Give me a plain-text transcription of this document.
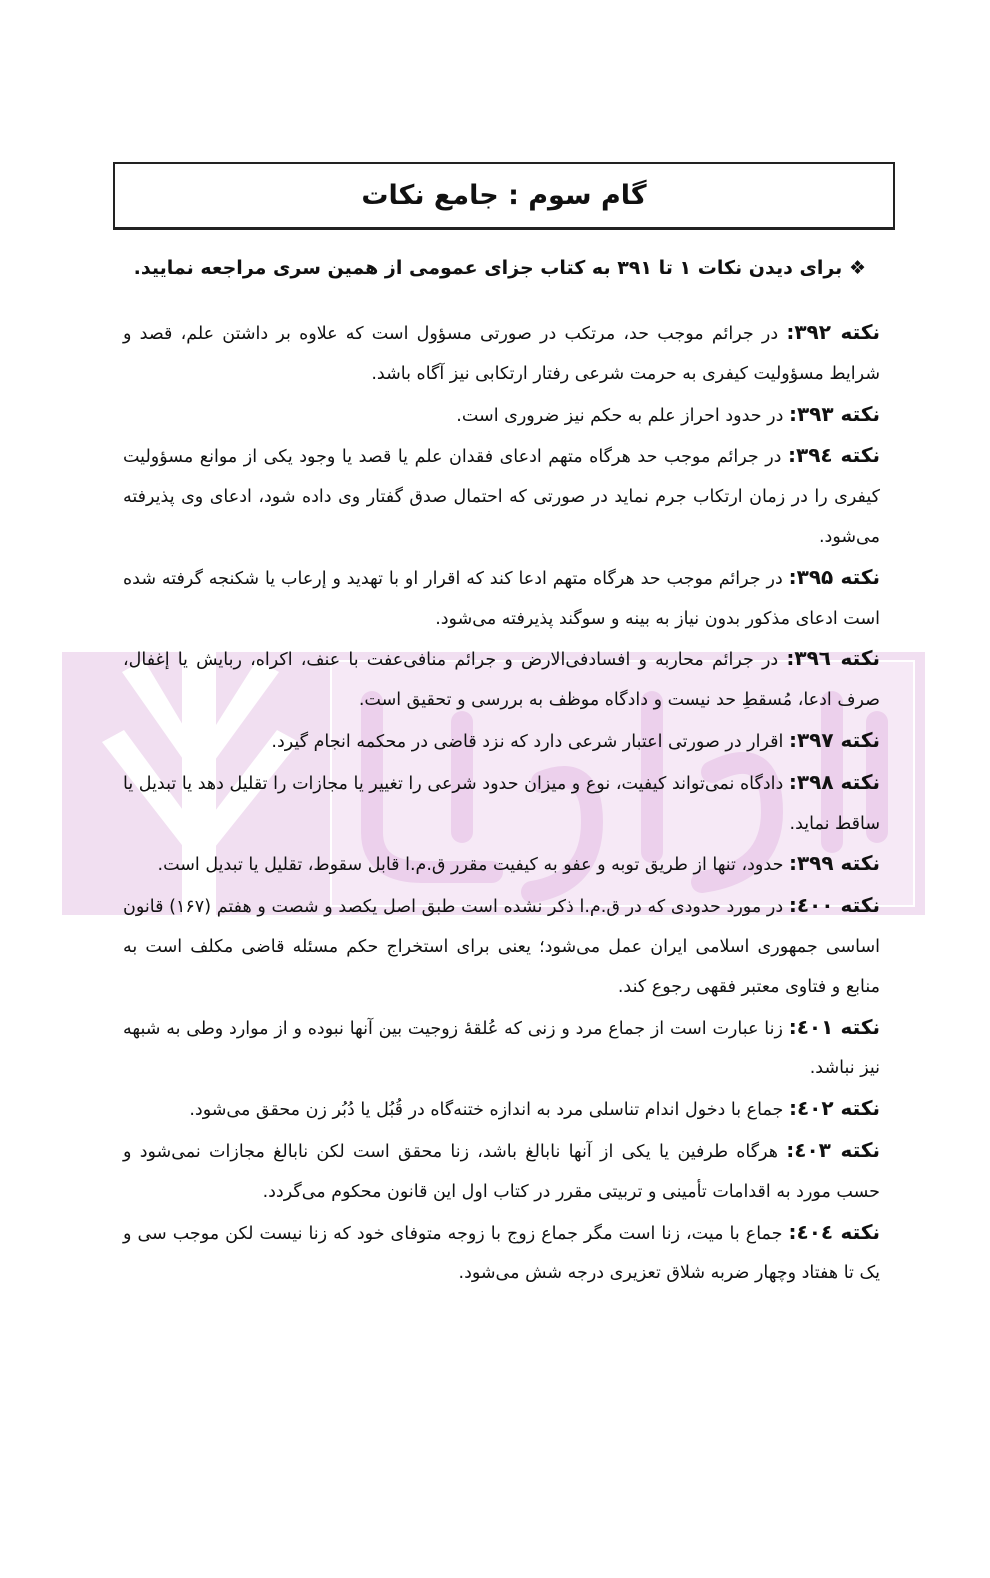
گام سوم : جامع نکات
❖ برای دیدن نکات ۱ تا ۳۹۱ به کتاب جزای عمومی از همین سری مراجعه نمایید.

نکته ۳۹۲: در جرائم موجب حد، مرتکب در صورتی مسؤول است که علاوه بر داشتن علم، قصد و شرایط مسؤولیت کیفری به حرمت شرعی رفتار ارتکابی نیز آگاه باشد.

نکته ۳۹۳: در حدود احراز علم به حکم نیز ضروری است.

نکته ۳۹٤: در جرائم موجب حد هرگاه متهم ادعای فقدان علم یا قصد یا وجود یکی از موانع مسؤولیت کیفری را در زمان ارتکاب جرم نماید در صورتی که احتمال صدق گفتار وی داده شود، ادعای وی پذیرفته می‌شود.

نکته ۳۹۵: در جرائم موجب حد هرگاه متهم ادعا کند که اقرار او با تهدید و إرعاب یا شکنجه گرفته شده است ادعای مذکور بدون نیاز به بینه و سوگند پذیرفته می‌شود.

نکته ۳۹٦: در جرائم محاربه و افسادفی‌الارض و جرائم منافی‌عفت با عنف، اکراه، ربایش یا إغفال، صرف ادعا، مُسقطِ حد نیست و دادگاه موظف به بررسی و تحقیق است.

نکته ۳۹۷: اقرار در صورتی اعتبار شرعی دارد که نزد قاضی در محکمه انجام گیرد.

نکته ۳۹۸: دادگاه نمی‌تواند کیفیت، نوع و میزان حدود شرعی را تغییر یا مجازات را تقلیل دهد یا تبدیل یا ساقط نماید.

نکته ۳۹۹: حدود، تنها از طریق توبه و عفو به کیفیت مقرر ق.م.ا قابل سقوط، تقلیل یا تبدیل است.

نکته ٤۰۰: در مورد حدودی که در ق.م.ا ذکر نشده است طبق اصل یکصد و شصت و هفتم (۱۶۷) قانون اساسی جمهوری اسلامی ایران عمل می‌شود؛ یعنی برای استخراج حکم مسئله قاضی مکلف است به منابع و فتاوی معتبر فقهی رجوع کند.

نکته ٤۰۱: زنا عبارت است از جماع مرد و زنی که عُلقهٔ زوجیت بین آنها نبوده و از موارد وطی به شبهه نیز نباشد.

نکته ٤۰۲: جماع با دخول اندام تناسلی مرد به اندازه ختنه‌گاه در قُبُل یا دُبُر زن محقق می‌شود.

نکته ٤۰۳: هرگاه طرفین یا یکی از آنها نابالغ باشد، زنا محقق است لکن نابالغ مجازات نمی‌شود و حسب مورد به اقدامات تأمینی و تربیتی مقرر در کتاب اول این قانون محکوم می‌گردد.

نکته ٤۰٤: جماع با میت، زنا است مگر جماع زوج با زوجه متوفای خود که زنا نیست لکن موجب سی و یک تا هفتاد وچهار ضربه شلاق تعزیری درجه شش می‌شود.
